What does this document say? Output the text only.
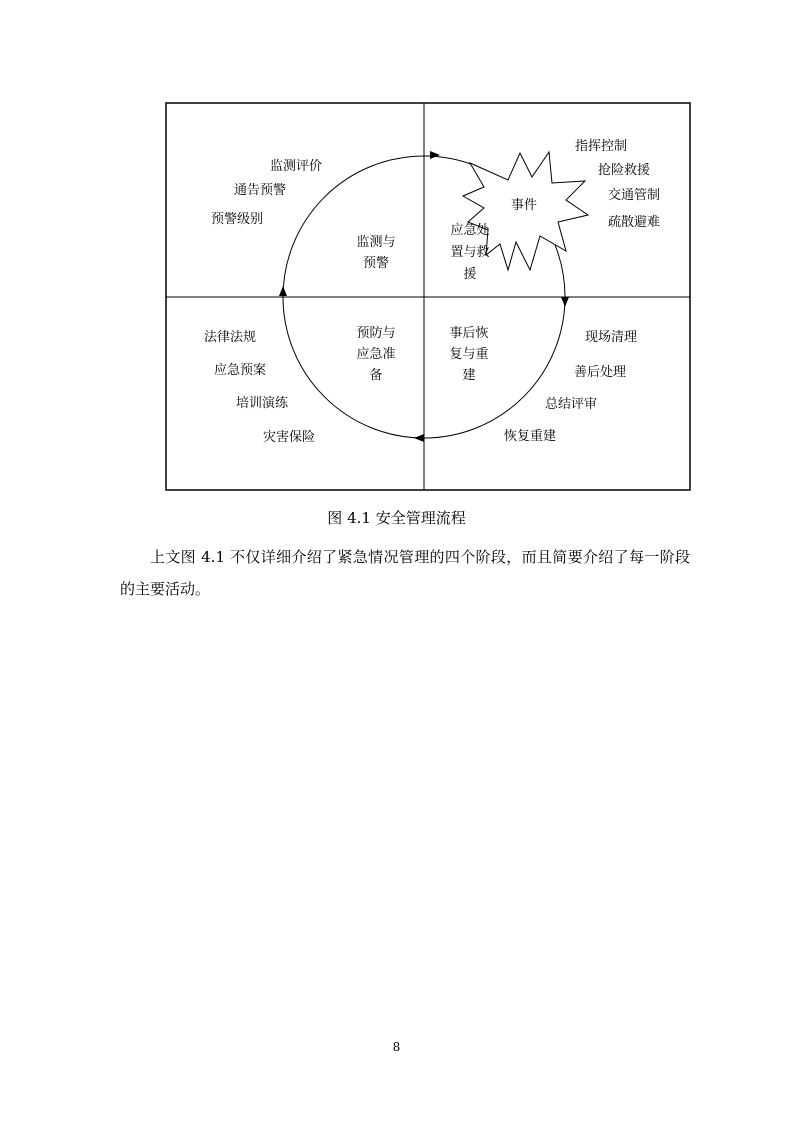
事件
监测评价
通告预警
预警级别
指挥控制
抢险救援
交通管制
疏散避难
法律法规
应急预案
培训演练
灾害保险
现场清理
善后处理
总结评审
恢复重建
监测与
预警
应急处
置与救
援
预防与
应急准
备
事后恢
复与重
建
图 4.1 安全管理流程
上文图 4.1 不仅详细介绍了紧急情况管理的四个阶段，而且简要介绍了每一阶段的主要活动。
8
